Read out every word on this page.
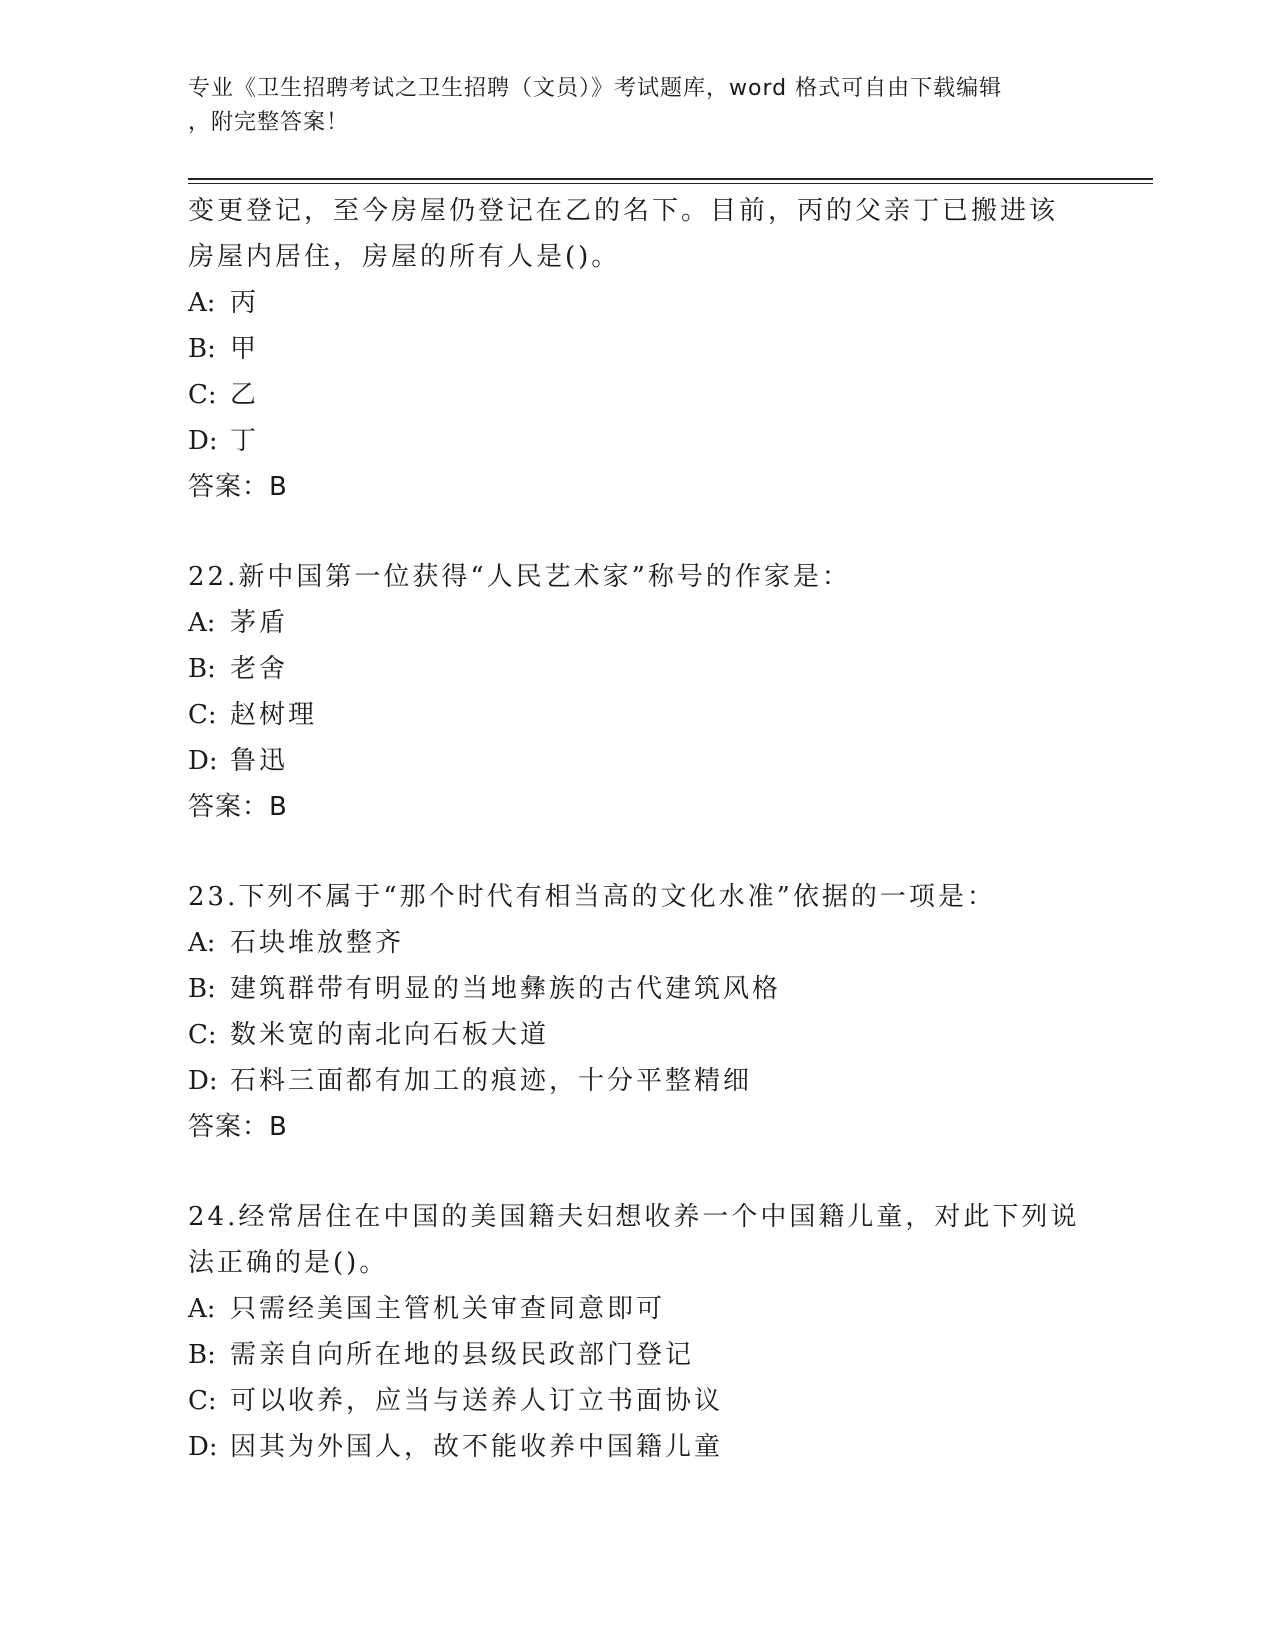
专业《卫生招聘考试之卫生招聘（文员）》考试题库，word 格式可自由下载编辑
，附完整答案！
变更登记，至今房屋仍登记在乙的名下。目前，丙的父亲丁已搬进该
房屋内居住，房屋的所有人是()。
A: 丙
B: 甲
C: 乙
D: 丁
答案：B
22.新中国第一位获得“人民艺术家”称号的作家是：
A: 茅盾
B: 老舍
C: 赵树理
D: 鲁迅
答案：B
23.下列不属于“那个时代有相当高的文化水准”依据的一项是：
A: 石块堆放整齐
B: 建筑群带有明显的当地彝族的古代建筑风格
C: 数米宽的南北向石板大道
D: 石料三面都有加工的痕迹，十分平整精细
答案：B
24.经常居住在中国的美国籍夫妇想收养一个中国籍儿童，对此下列说
法正确的是()。
A: 只需经美国主管机关审查同意即可
B: 需亲自向所在地的县级民政部门登记
C: 可以收养，应当与送养人订立书面协议
D: 因其为外国人，故不能收养中国籍儿童
